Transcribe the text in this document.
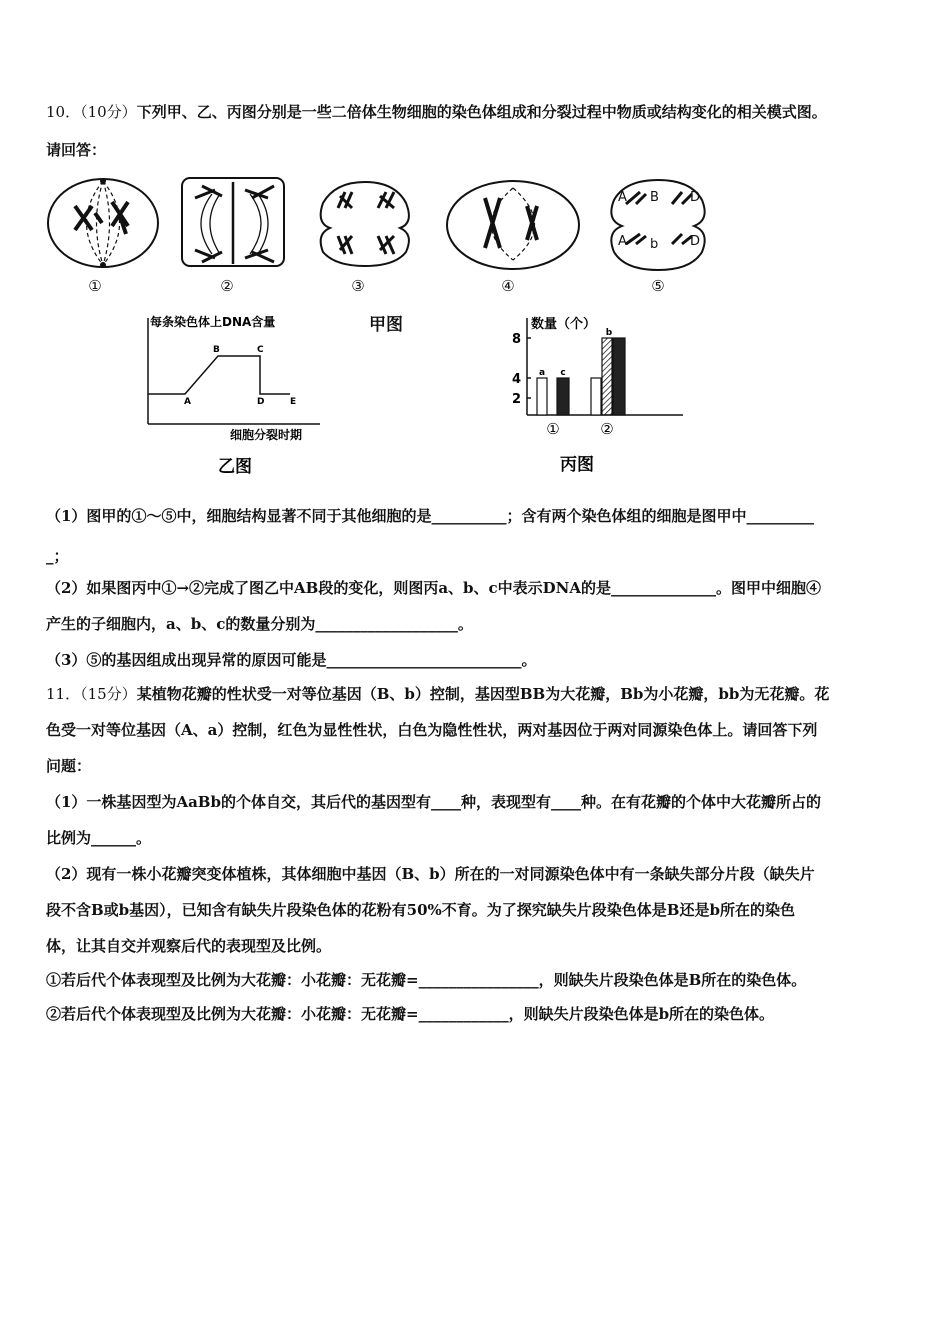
10．（10分）下列甲、乙、丙图分别是一些二倍体生物细胞的染色体组成和分裂过程中物质或结构变化的相关模式图。
请回答：
A B D
A b D
①	②	③	④	⑤
甲图
每条染色体上DNA含量
细胞分裂时期
A
B	C
D	E
乙图
数量（个）
8
4
2
a c
b
①	②
丙图
（1）图甲的①～⑤中，细胞结构显著不同于其他细胞的是__________；含有两个染色体组的细胞是图甲中_________
_；
（2）如果图丙中①→②完成了图乙中AB段的变化，则图丙a、b、c中表示DNA的是______________。图甲中细胞④
产生的子细胞内，a、b、c的数量分别为___________________。
（3）⑤的基因组成出现异常的原因可能是__________________________。
11．（15分）某植物花瓣的性状受一对等位基因（B、b）控制，基因型BB为大花瓣，Bb为小花瓣，bb为无花瓣。花
色受一对等位基因（A、a）控制，红色为显性性状，白色为隐性性状，两对基因位于两对同源染色体上。请回答下列
问题：
（1）一株基因型为AaBb的个体自交，其后代的基因型有____种，表现型有____种。在有花瓣的个体中大花瓣所占的
比例为______。
（2）现有一株小花瓣突变体植株，其体细胞中基因（B、b）所在的一对同源染色体中有一条缺失部分片段（缺失片
段不含B或b基因），已知含有缺失片段染色体的花粉有50%不育。为了探究缺失片段染色体是B还是b所在的染色
体，让其自交并观察后代的表现型及比例。
①若后代个体表现型及比例为大花瓣：小花瓣：无花瓣=________________，则缺失片段染色体是B所在的染色体。
②若后代个体表现型及比例为大花瓣：小花瓣：无花瓣=____________，则缺失片段染色体是b所在的染色体。
